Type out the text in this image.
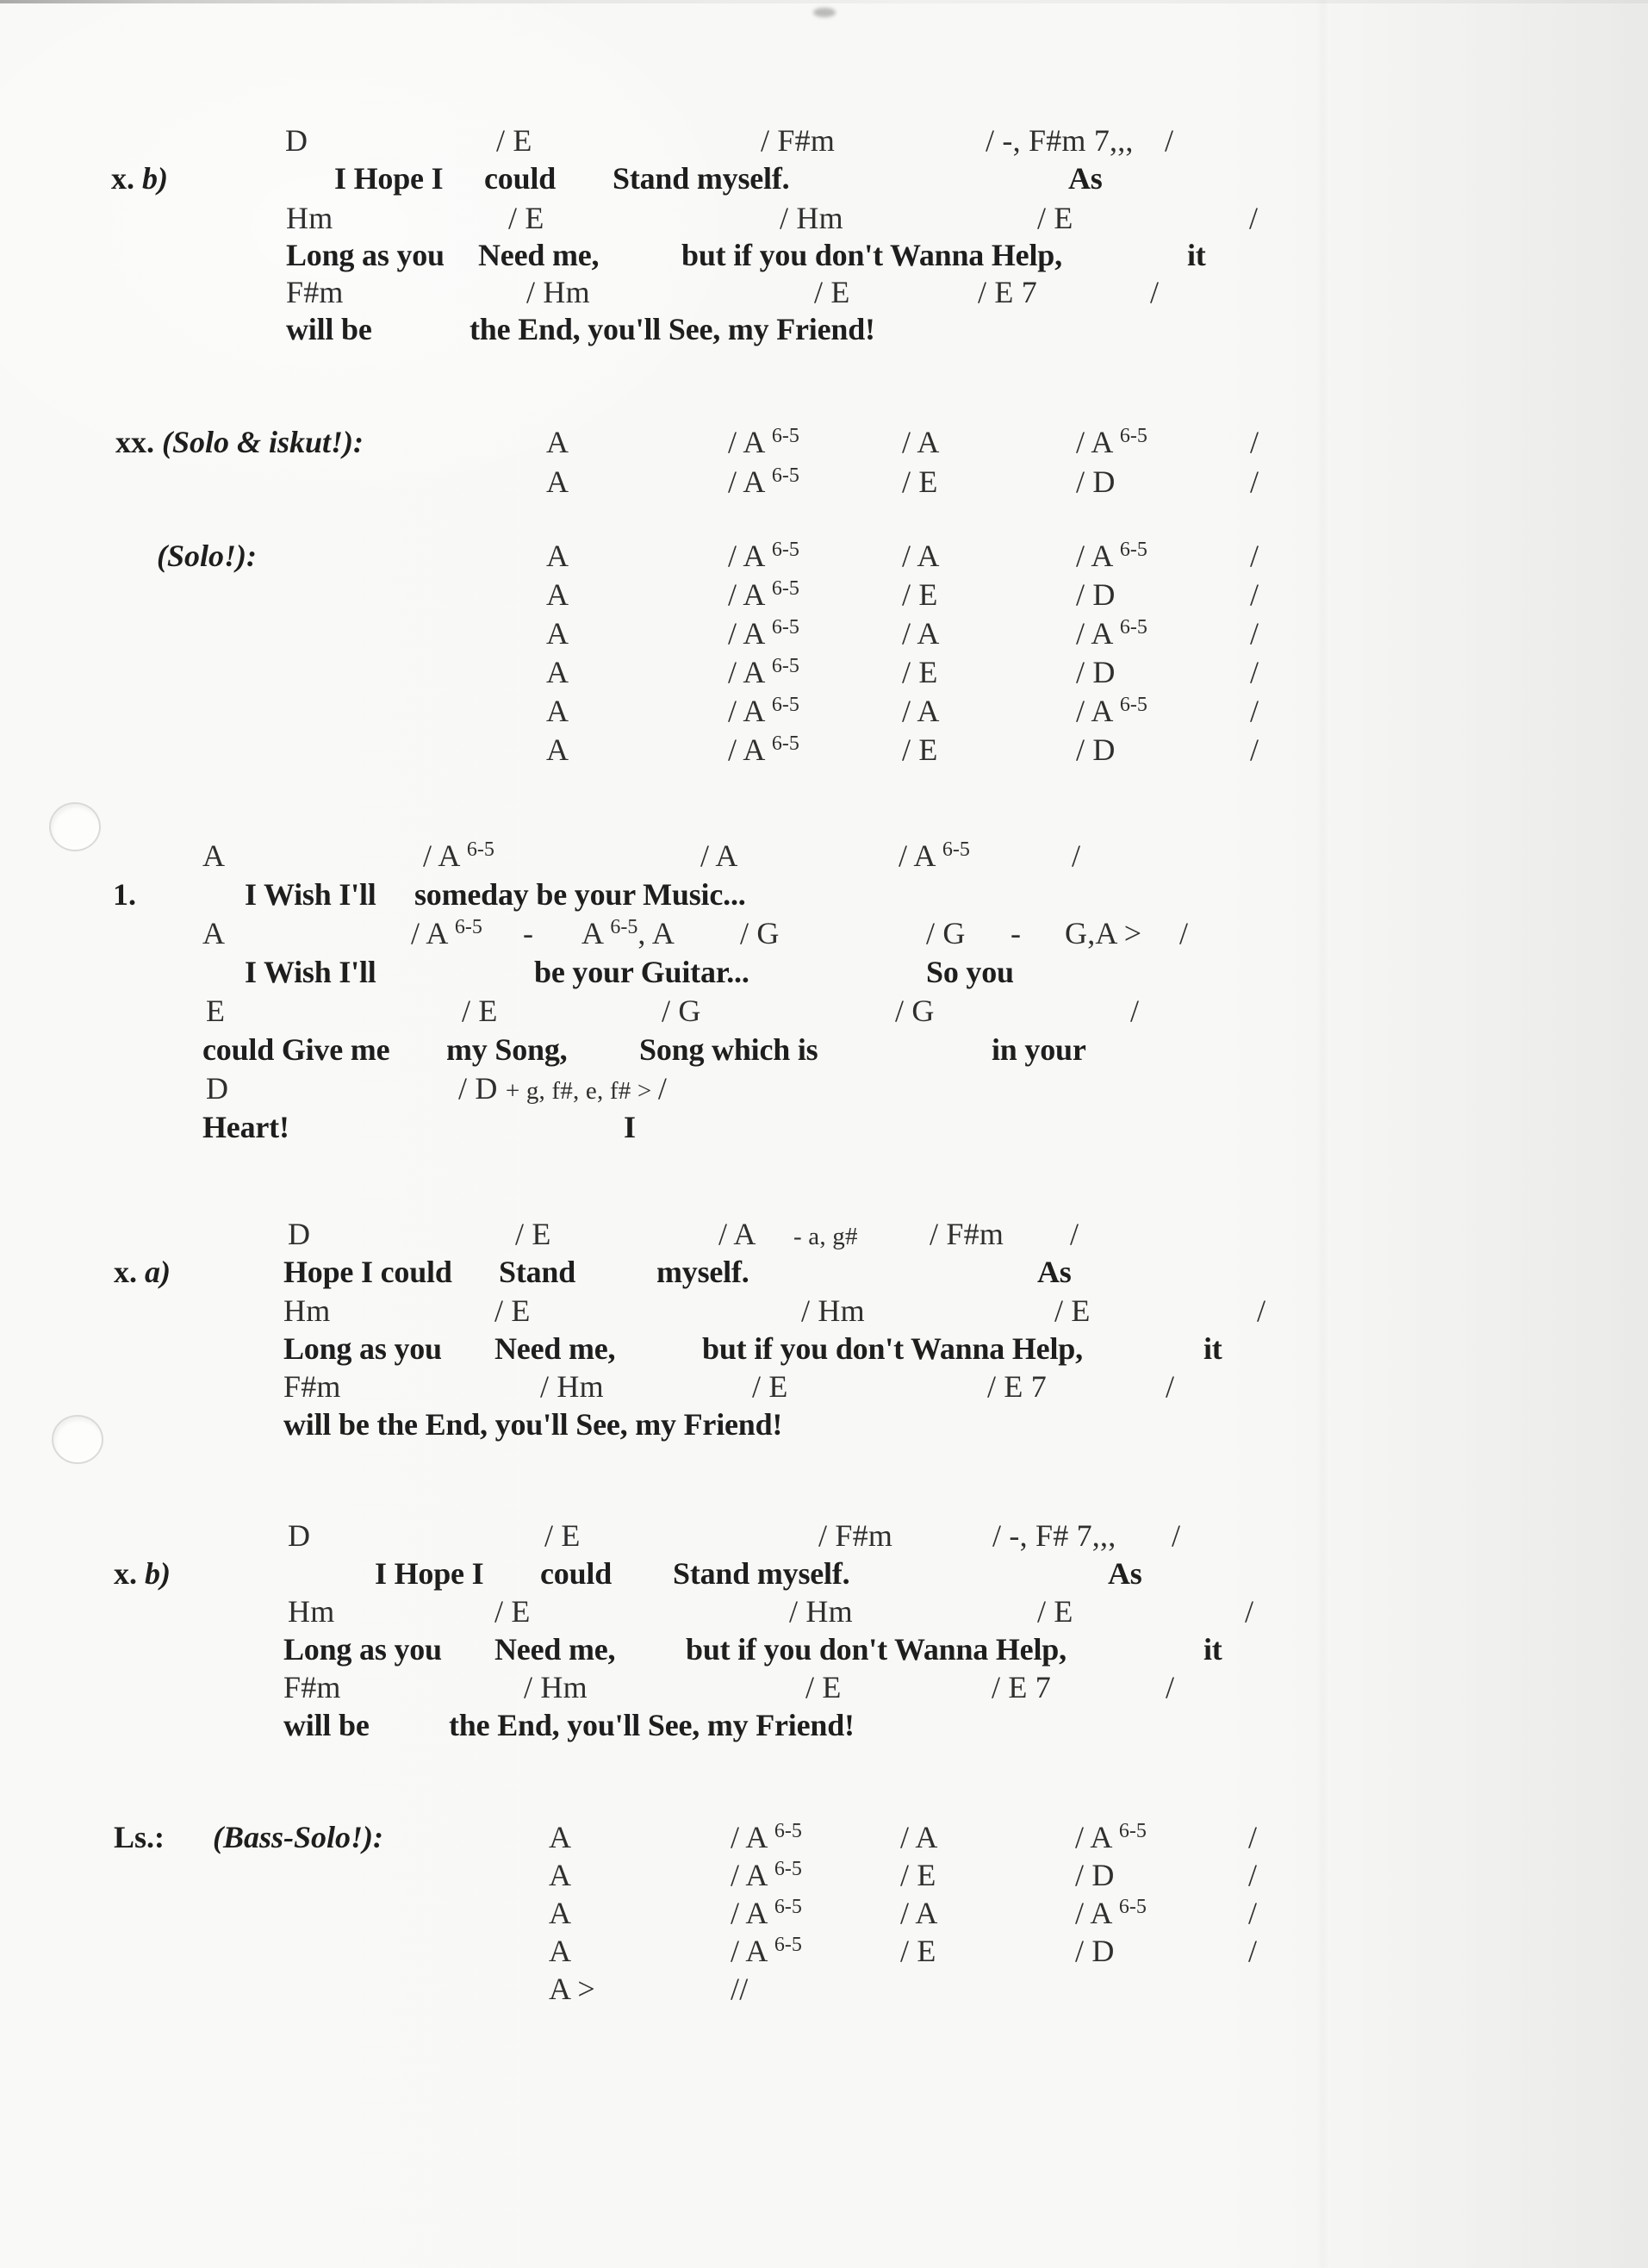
D	/ E	/ F#m	/ -, F#m 7,,, /
x. b)	I Hope I could Stand myself.	As
Hm	/ E	/ Hm	/ E	/
Long as you Need me,	but if you don't Wanna Help,	it
F#m	/ Hm	/ E	/ E 7	/
will be	the End, you'll See, my Friend!
xx. (Solo & iskut!):	A	/ A $^{6-5}$	/ A	/ A $^{6-5}$	/
A	/ A $^{6-5}$	/ E	/ D	/
(Solo!):	A	/ A $^{6-5}$	/ A	/ A $^{6-5}$	/
A	/ A $^{6-5}$	/ E	/ D	/
A	/ A $^{6-5}$	/ A	/ A $^{6-5}$	/
A	/ A $^{6-5}$	/ E	/ D	/
A	/ A $^{6-5}$	/ A	/ A $^{6-5}$	/
A	/ A $^{6-5}$	/ E	/ D	/
A	/ A $^{6-5}$	/ A	/ A $^{6-5}$	/
1.	I Wish I'll someday be your Music...
A	/ A $^{6-5}$ - A $^{6-5}$, A / G	/ G - G,A > /
I Wish I'll	be your Guitar...	So you
E	/ E	/ G	/ G	/
could Give me my Song, Song which is	in your
D	/ D + g, f#, e, f# > /
Heart!	I
D	/ E	/ A - a, g# / F#m /
x. a)	Hope I could Stand	myself.	As
Hm	/ E	/ Hm	/ E	/
Long as you Need me,	but if you don't Wanna Help,	it
F#m	/ Hm	/ E	/ E 7	/
will be the End, you'll See, my Friend!
D	/ E	/ F#m	/ -, F# 7,,, /
x. b)	I Hope I could Stand myself.	As
Hm	/ E	/ Hm	/ E	/
Long as you Need me, but if you don't Wanna Help,	it
F#m	/ Hm	/ E	/ E 7	/
will be	the End, you'll See, my Friend!
Ls.: (Bass-Solo!):	A	/ A $^{6-5}$	/ A	/ A $^{6-5}$	/
A	/ A $^{6-5}$	/ E	/ D	/
A	/ A $^{6-5}$	/ A	/ A $^{6-5}$	/
A	/ A $^{6-5}$	/ E	/ D	/
A >	//
